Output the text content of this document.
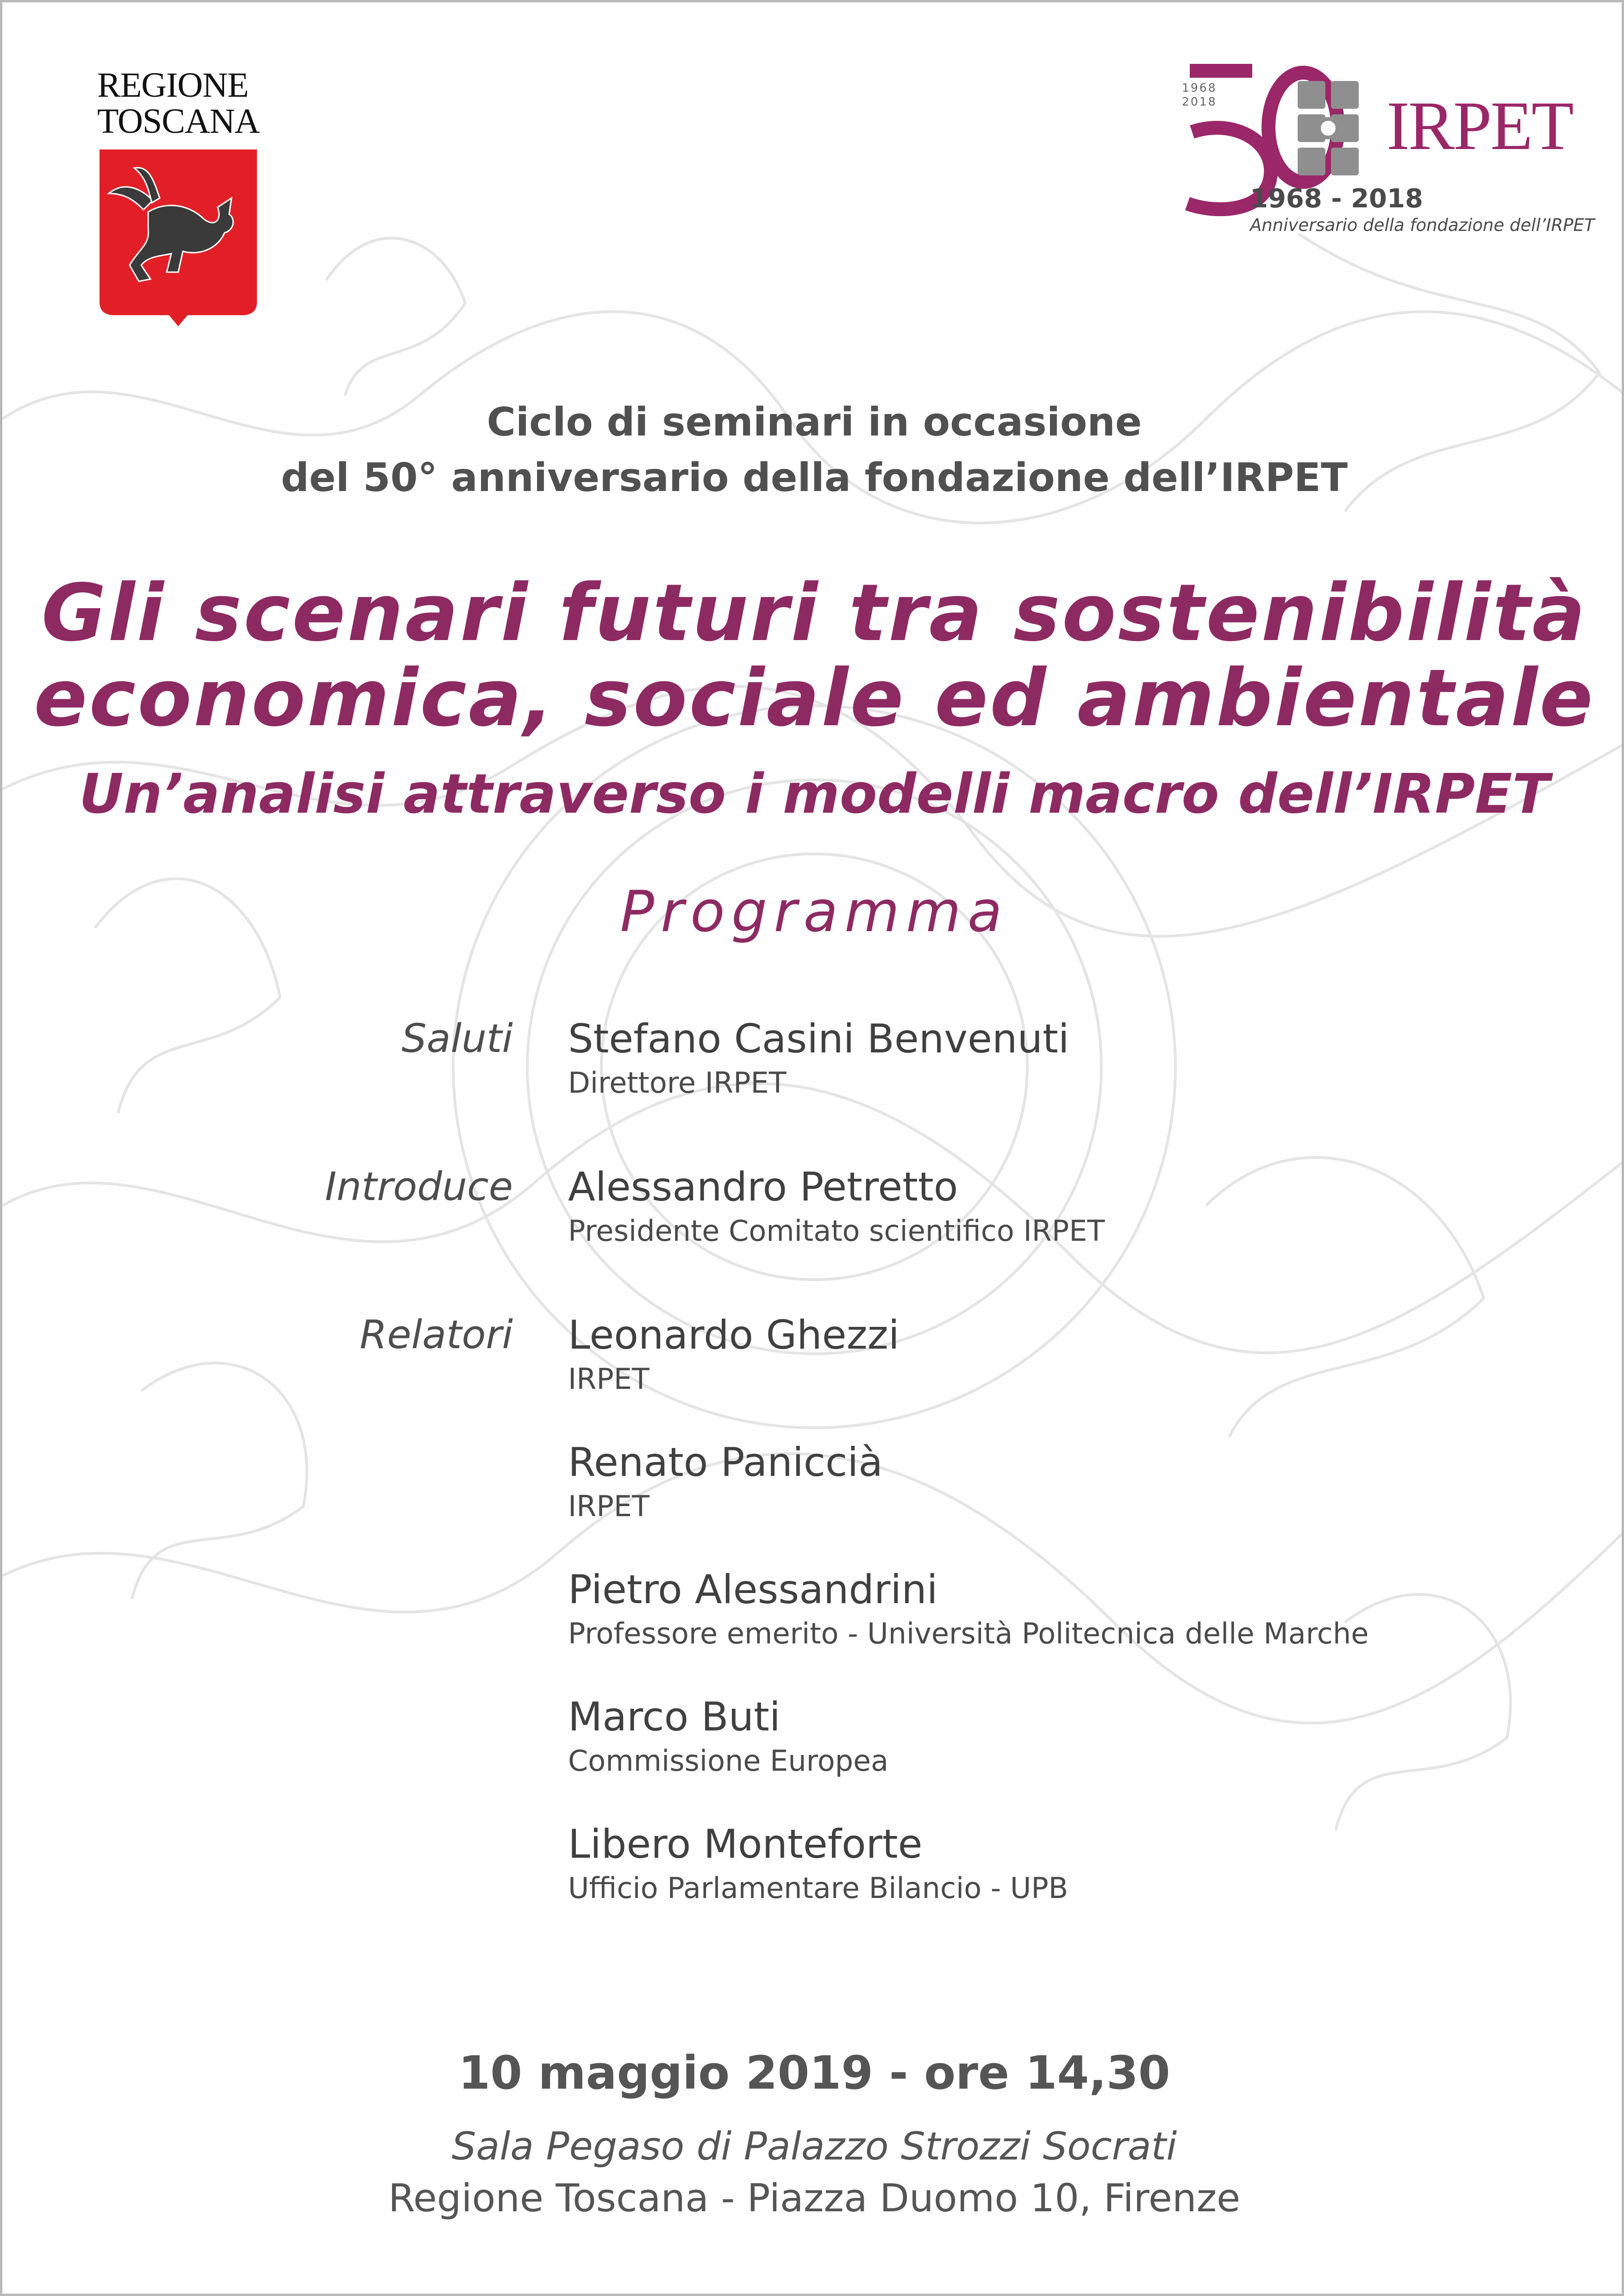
REGIONE
TOSCANA
1968
2018 IRPET
1968 - 2018
Anniversario della fondazione dell’IRPET
Ciclo di seminari in occasione
del 50° anniversario della fondazione dell’IRPET
Gli scenari futuri tra sostenibilità
economica, sociale ed ambientale
Un’analisi attraverso i modelli macro dell’IRPET
Programma
Saluti Stefano Casini Benvenuti
Direttore IRPET
Introduce Alessandro Petretto
Presidente Comitato scientifico IRPET
Relatori Leonardo Ghezzi
IRPET
Renato Paniccià
IRPET
Pietro Alessandrini
Professore emerito - Università Politecnica delle Marche
Marco Buti
Commissione Europea
Libero Monteforte
Ufficio Parlamentare Bilancio - UPB
10 maggio 2019 - ore 14,30
Sala Pegaso di Palazzo Strozzi Socrati
Regione Toscana - Piazza Duomo 10, Firenze
